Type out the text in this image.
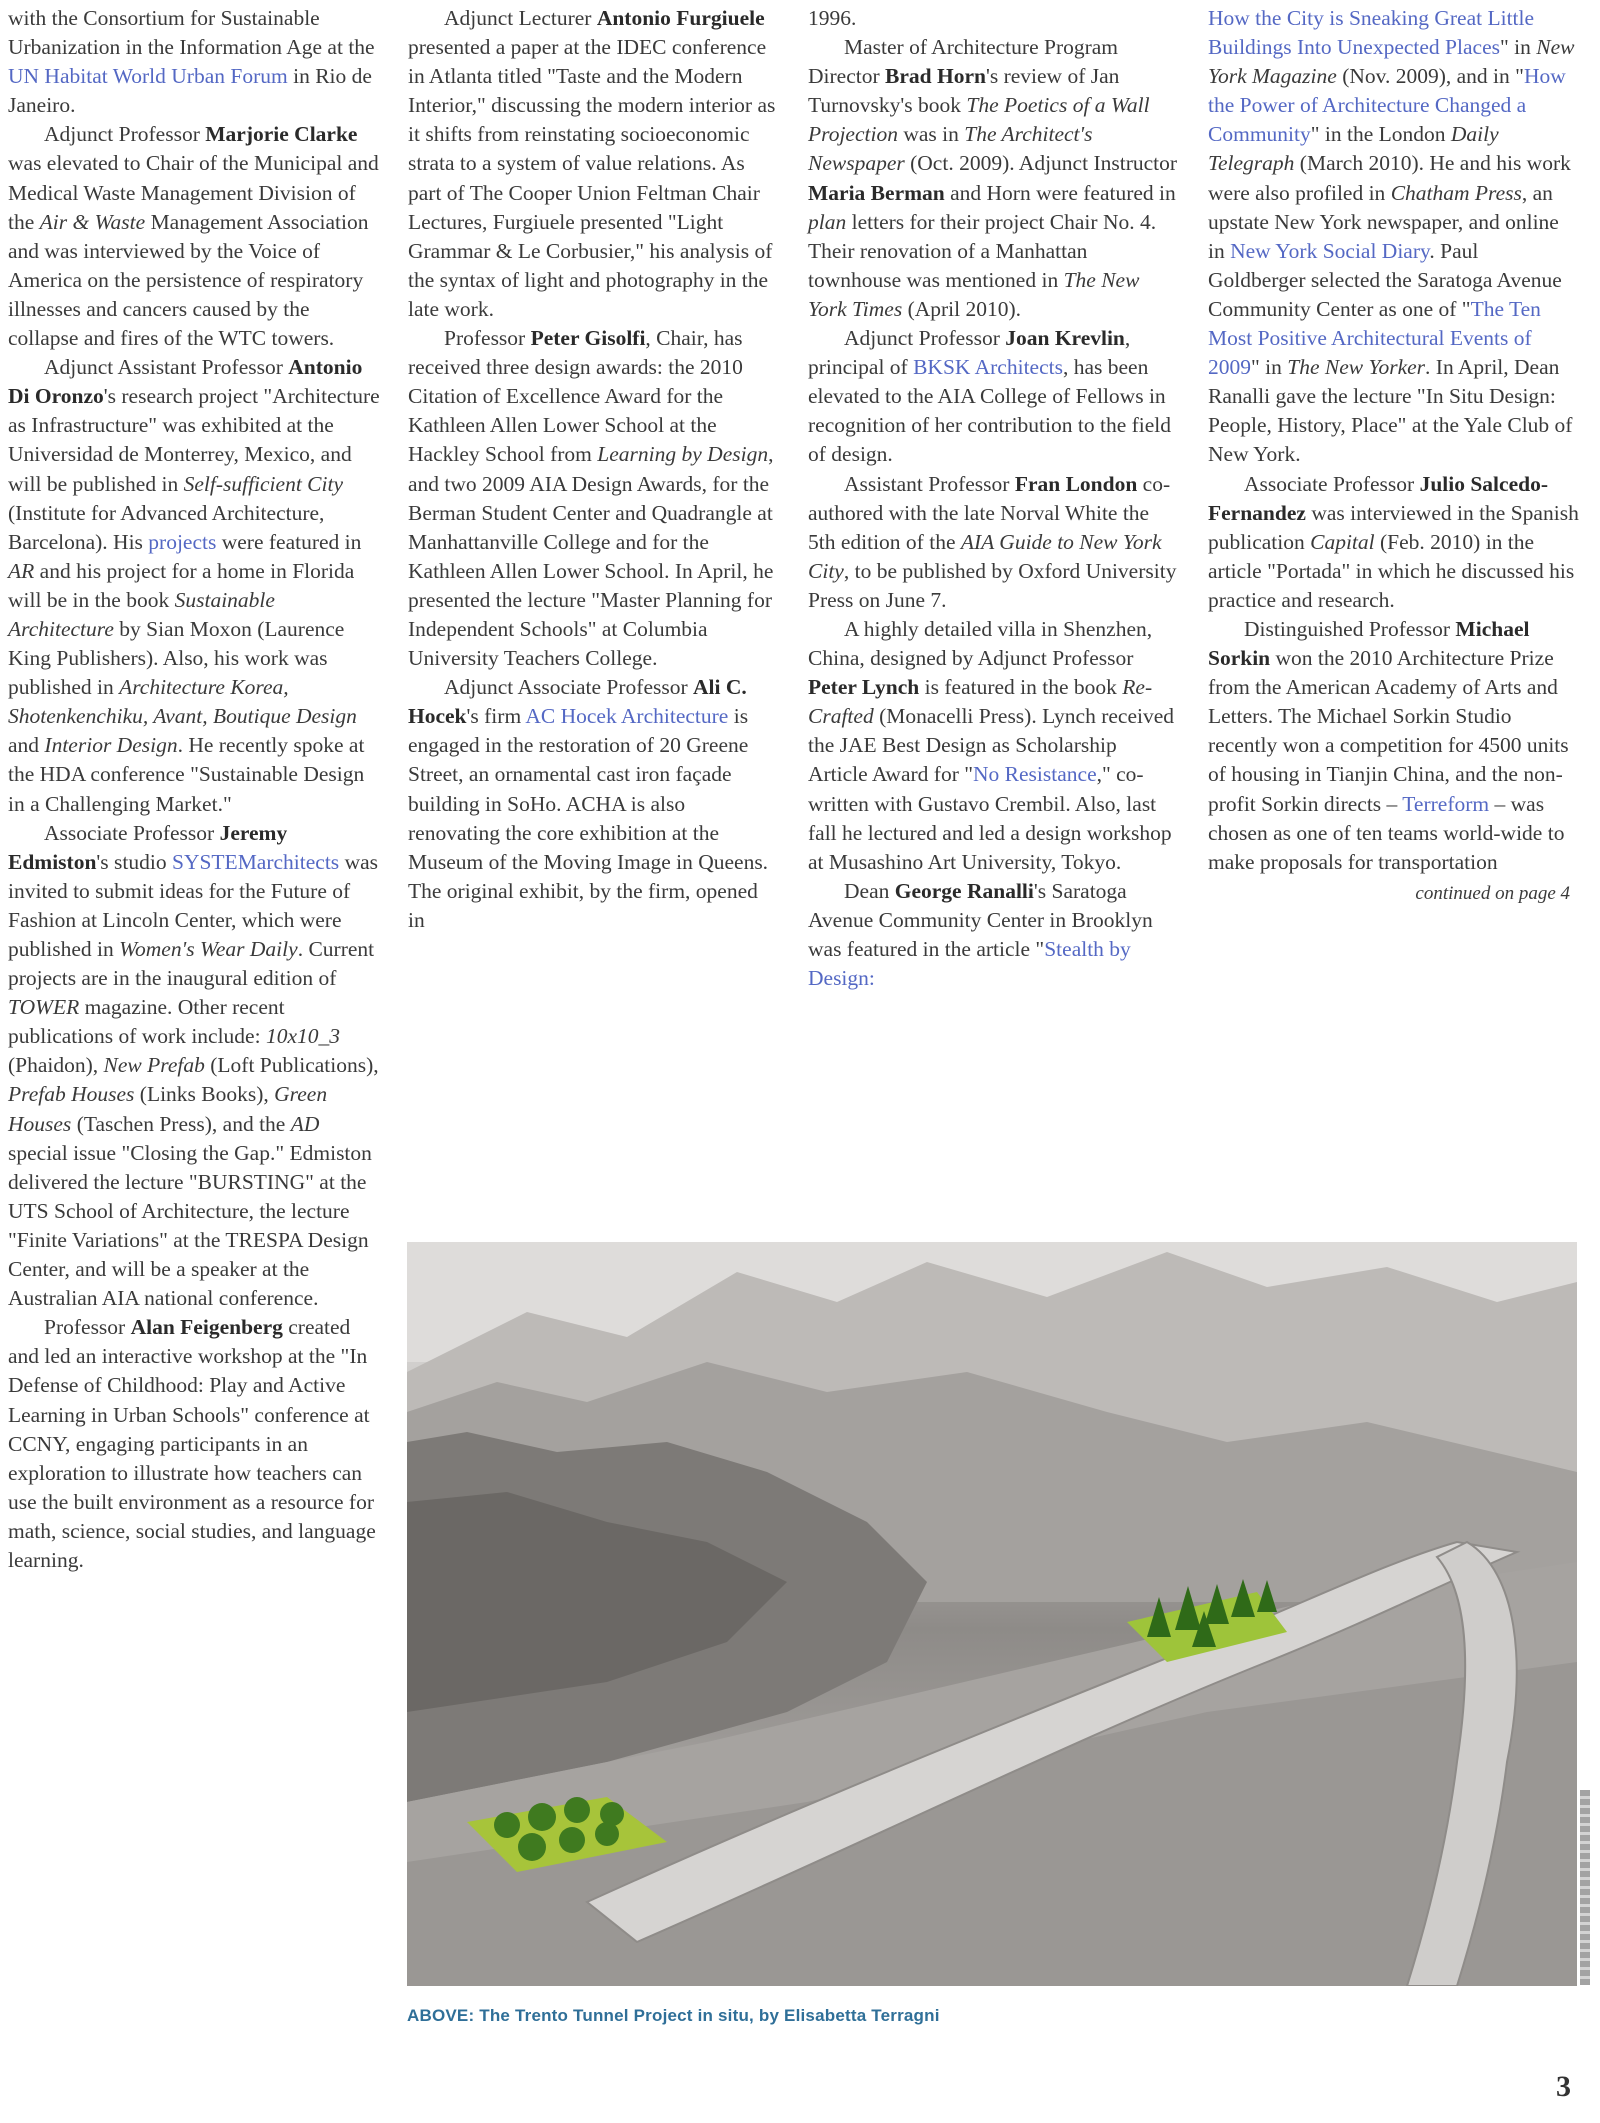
with the Consortium for Sustainable Urbanization in the Information Age at the UN Habitat World Urban Forum in Rio de Janeiro.

Adjunct Professor Marjorie Clarke was elevated to Chair of the Municipal and Medical Waste Management Division of the Air & Waste Management Association and was interviewed by the Voice of America on the persistence of respiratory illnesses and cancers caused by the collapse and fires of the WTC towers.

Adjunct Assistant Professor Antonio Di Oronzo's research project "Architecture as Infrastructure" was exhibited at the Universidad de Monterrey, Mexico, and will be published in Self-sufficient City (Institute for Advanced Architecture, Barcelona). His projects were featured in AR and his project for a home in Florida will be in the book Sustainable Architecture by Sian Moxon (Laurence King Publishers). Also, his work was published in Architecture Korea, Shotenkenchiku, Avant, Boutique Design and Interior Design. He recently spoke at the HDA conference "Sustainable Design in a Challenging Market."

Associate Professor Jeremy Edmiston's studio SYSTEMarchitects was invited to submit ideas for the Future of Fashion at Lincoln Center, which were published in Women's Wear Daily. Current projects are in the inaugural edition of TOWER magazine. Other recent publications of work include: 10x10_3 (Phaidon), New Prefab (Loft Publications), Prefab Houses (Links Books), Green Houses (Taschen Press), and the AD special issue "Closing the Gap." Edmiston delivered the lecture "BURSTING" at the UTS School of Architecture, the lecture "Finite Variations" at the TRESPA Design Center, and will be a speaker at the Australian AIA national conference.

Professor Alan Feigenberg created and led an interactive workshop at the "In Defense of Childhood: Play and Active Learning in Urban Schools" conference at CCNY, engaging participants in an exploration to illustrate how teachers can use the built environment as a resource for math, science, social studies, and language learning.

Adjunct Lecturer Antonio Furgiuele presented a paper at the IDEC conference in Atlanta titled "Taste and the Modern Interior," discussing the modern interior as it shifts from reinstating socioeconomic strata to a system of value relations. As part of The Cooper Union Feltman Chair Lectures, Furgiuele presented "Light Grammar & Le Corbusier," his analysis of the syntax of light and photography in the late work.

Professor Peter Gisolfi, Chair, has received three design awards: the 2010 Citation of Excellence Award for the Kathleen Allen Lower School at the Hackley School from Learning by Design, and two 2009 AIA Design Awards, for the Berman Student Center and Quadrangle at Manhattanville College and for the Kathleen Allen Lower School. In April, he presented the lecture "Master Planning for Independent Schools" at Columbia University Teachers College.

Adjunct Associate Professor Ali C. Hocek's firm AC Hocek Architecture is engaged in the restoration of 20 Greene Street, an ornamental cast iron façade building in SoHo. ACHA is also renovating the core exhibition at the Museum of the Moving Image in Queens. The original exhibit, by the firm, opened in

1996.

Master of Architecture Program Director Brad Horn's review of Jan Turnovsky's book The Poetics of a Wall Projection was in The Architect's Newspaper (Oct. 2009). Adjunct Instructor Maria Berman and Horn were featured in plan letters for their project Chair No. 4. Their renovation of a Manhattan townhouse was mentioned in The New York Times (April 2010).

Adjunct Professor Joan Krevlin, principal of BKSK Architects, has been elevated to the AIA College of Fellows in recognition of her contribution to the field of design.

Assistant Professor Fran London co-authored with the late Norval White the 5th edition of the AIA Guide to New York City, to be published by Oxford University Press on June 7.

A highly detailed villa in Shenzhen, China, designed by Adjunct Professor Peter Lynch is featured in the book Re-Crafted (Monacelli Press). Lynch received the JAE Best Design as Scholarship Article Award for "No Resistance," co-written with Gustavo Crembil. Also, last fall he lectured and led a design workshop at Musashino Art University, Tokyo.

Dean George Ranalli's Saratoga Avenue Community Center in Brooklyn was featured in the article "Stealth by Design:

How the City is Sneaking Great Little Buildings Into Unexpected Places" in New York Magazine (Nov. 2009), and in "How the Power of Architecture Changed a Community" in the London Daily Telegraph (March 2010). He and his work were also profiled in Chatham Press, an upstate New York newspaper, and online in New York Social Diary. Paul Goldberger selected the Saratoga Avenue Community Center as one of "The Ten Most Positive Architectural Events of 2009" in The New Yorker. In April, Dean Ranalli gave the lecture "In Situ Design: People, History, Place" at the Yale Club of New York.

Associate Professor Julio Salcedo-Fernandez was interviewed in the Spanish publication Capital (Feb. 2010) in the article "Portada" in which he discussed his practice and research.

Distinguished Professor Michael Sorkin won the 2010 Architecture Prize from the American Academy of Arts and Letters. The Michael Sorkin Studio recently won a competition for 4500 units of housing in Tianjin China, and the non-profit Sorkin directs – Terreform – was chosen as one of ten teams world-wide to make proposals for transportation

continued on page 4
ABOVE: The Trento Tunnel Project in situ, by Elisabetta Terragni
3
